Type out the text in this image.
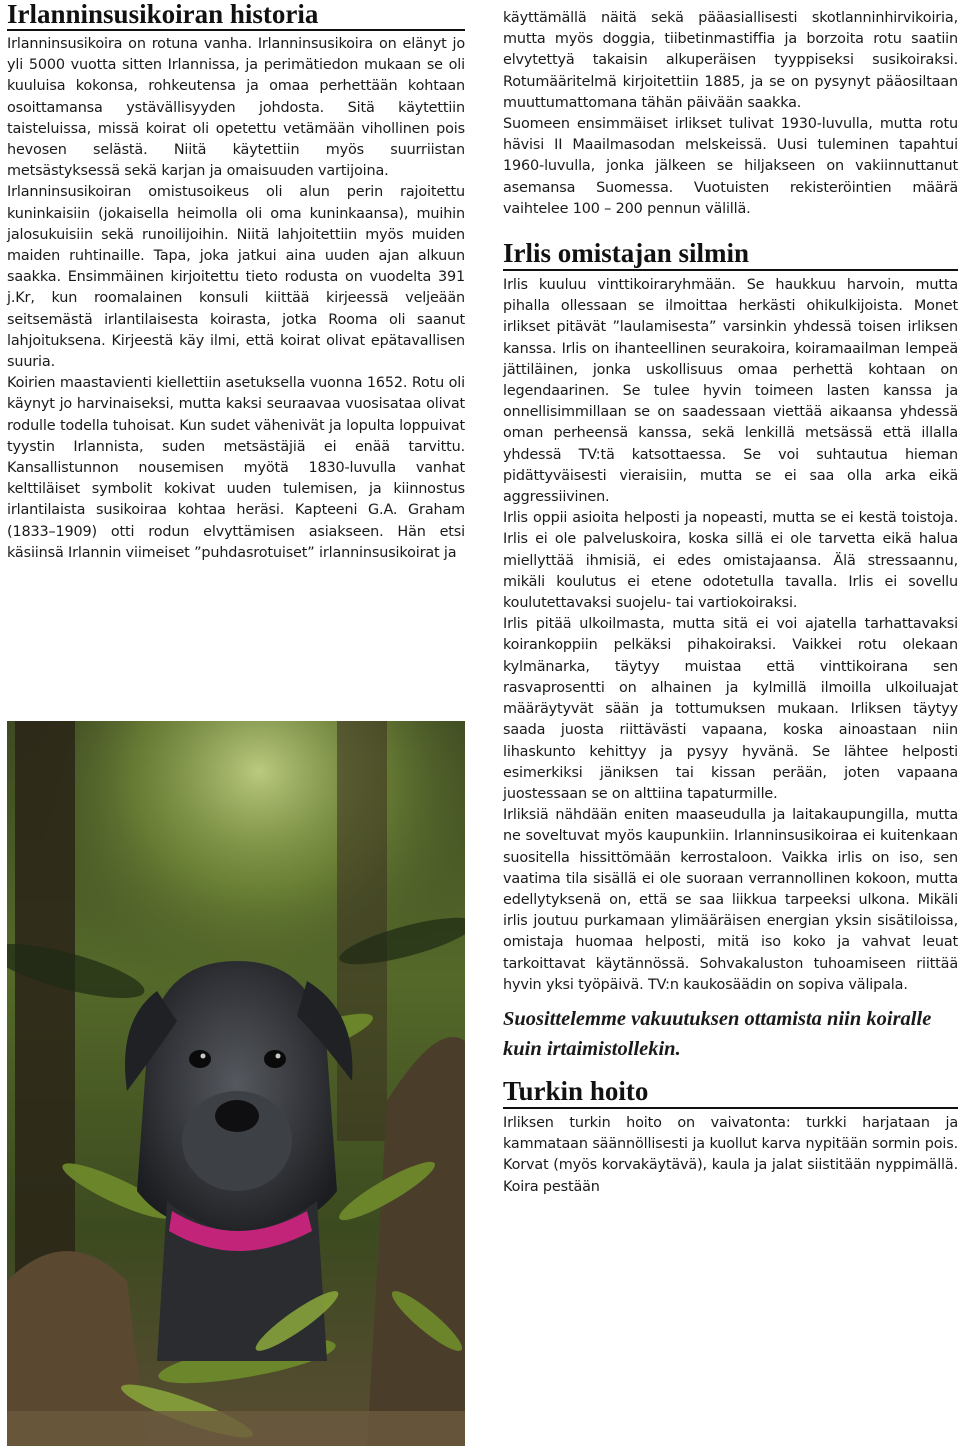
Irlanninsusikoiran historia

Irlanninsusikoira on rotuna vanha. Irlanninsusikoira on elänyt jo yli 5000 vuotta sitten Irlannissa, ja perimätiedon mukaan se oli kuuluisa kokonsa, rohkeutensa ja omaa perhettään kohtaan osoittamansa ystävällisyyden johdosta. Sitä käytettiin taisteluissa, missä koirat oli opetettu vetämään vihollinen pois hevosen selästä. Niitä käytettiin myös suurriistan metsästyksessä sekä karjan ja omaisuuden vartijoina.

Irlanninsusikoiran omistusoikeus oli alun perin rajoitettu kuninkaisiin (jokaisella heimolla oli oma kuninkaansa), muihin jalosukuisiin sekä runoilijoihin. Niitä lahjoitettiin myös muiden maiden ruhtinaille. Tapa, joka jatkui aina uuden ajan alkuun saakka. Ensimmäinen kirjoitettu tieto rodusta on vuodelta 391 j.Kr, kun roomalainen konsuli kiittää kirjeessä veljeään seitsemästä irlantilaisesta koirasta, jotka Rooma oli saanut lahjoituksena. Kirjeestä käy ilmi, että koirat olivat epätavallisen suuria.

Koirien maastavienti kiellettiin asetuksella vuonna 1652. Rotu oli käynyt jo harvinaiseksi, mutta kaksi seuraavaa vuosisataa olivat rodulle todella tuhoisat. Kun sudet vähenivät ja lopulta loppuivat tyystin Irlannista, suden metsästäjiä ei enää tarvittu. Kansallistunnon nousemisen myötä 1830-luvulla vanhat kelttiläiset symbolit kokivat uuden tulemisen, ja kiinnostus irlantilaista susikoiraa kohtaa heräsi. Kapteeni G.A. Graham (1833–1909) otti rodun elvyttämisen asiakseen. Hän etsi käsiinsä Irlannin viimeiset ”puhdasrotuiset” irlanninsusikoirat ja

käyttämällä näitä sekä pääasiallisesti skotlanninhirvikoiria, mutta myös doggia, tiibetinmastiffia ja borzoita rotu saatiin elvytettyä takaisin alkuperäisen tyyppiseksi susikoiraksi. Rotumääritelmä kirjoitettiin 1885, ja se on pysynyt pääosiltaan muuttumattomana tähän päivään saakka.

Suomeen ensimmäiset irlikset tulivat 1930-luvulla, mutta rotu hävisi II Maailmasodan melskeissä. Uusi tuleminen tapahtui 1960-luvulla, jonka jälkeen se hiljakseen on vakiinnuttanut asemansa Suomessa. Vuotuisten rekisteröintien määrä vaihtelee 100 – 200 pennun välillä.

Irlis omistajan silmin

Irlis kuuluu vinttikoiraryhmään. Se haukkuu harvoin, mutta pihalla ollessaan se ilmoittaa herkästi ohikulkijoista. Monet irlikset pitävät ”laulamisesta” varsinkin yhdessä toisen irliksen kanssa. Irlis on ihanteellinen seurakoira, koiramaailman lempeä jättiläinen, jonka uskollisuus omaa perhettä kohtaan on legendaarinen. Se tulee hyvin toimeen lasten kanssa ja onnellisimmillaan se on saadessaan viettää aikaansa yhdessä oman perheensä kanssa, sekä lenkillä metsässä että illalla yhdessä TV:tä katsottaessa. Se voi suhtautua hieman pidättyväisesti vieraisiin, mutta se ei saa olla arka eikä aggressiivinen.

Irlis oppii asioita helposti ja nopeasti, mutta se ei kestä toistoja. Irlis ei ole palveluskoira, koska sillä ei ole tarvetta eikä halua miellyttää ihmisiä, ei edes omistajaansa. Älä stressaannu, mikäli koulutus ei etene odotetulla tavalla. Irlis ei sovellu koulutettavaksi suojelu- tai vartiokoiraksi.

Irlis pitää ulkoilmasta, mutta sitä ei voi ajatella tarhattavaksi koirankoppiin pelkäksi pihakoiraksi. Vaikkei rotu olekaan kylmänarka, täytyy muistaa että vinttikoirana sen rasvaprosentti on alhainen ja kylmillä ilmoilla ulkoiluajat määräytyvät sään ja tottumuksen mukaan. Irliksen täytyy saada juosta riittävästi vapaana, koska ainoastaan niin lihaskunto kehittyy ja pysyy hyvänä. Se lähtee helposti esimerkiksi jäniksen tai kissan perään, joten vapaana juostessaan se on alttiina tapaturmille.

Irliksiä nähdään eniten maaseudulla ja laitakaupungilla, mutta ne soveltuvat myös kaupunkiin. Irlanninsusikoiraa ei kuitenkaan suositella hissittömään kerrostaloon. Vaikka irlis on iso, sen vaatima tila sisällä ei ole suoraan verrannollinen kokoon, mutta edellytyksenä on, että se saa liikkua tarpeeksi ulkona. Mikäli irlis joutuu purkamaan ylimääräisen energian yksin sisätiloissa, omistaja huomaa helposti, mitä iso koko ja vahvat leuat tarkoittavat käytännössä. Sohvakaluston tuhoamiseen riittää hyvin yksi työpäivä. TV:n kaukosäädin on sopiva välipala.

Suosittelemme vakuutuksen ottamista niin koiralle kuin irtaimistollekin.
Turkin hoito

Irliksen turkin hoito on vaivatonta: turkki harjataan ja kammataan säännöllisesti ja kuollut karva nypitään sormin pois. Korvat (myös korvakäytävä), kaula ja jalat siistitään nyppimällä. Koira pestään
